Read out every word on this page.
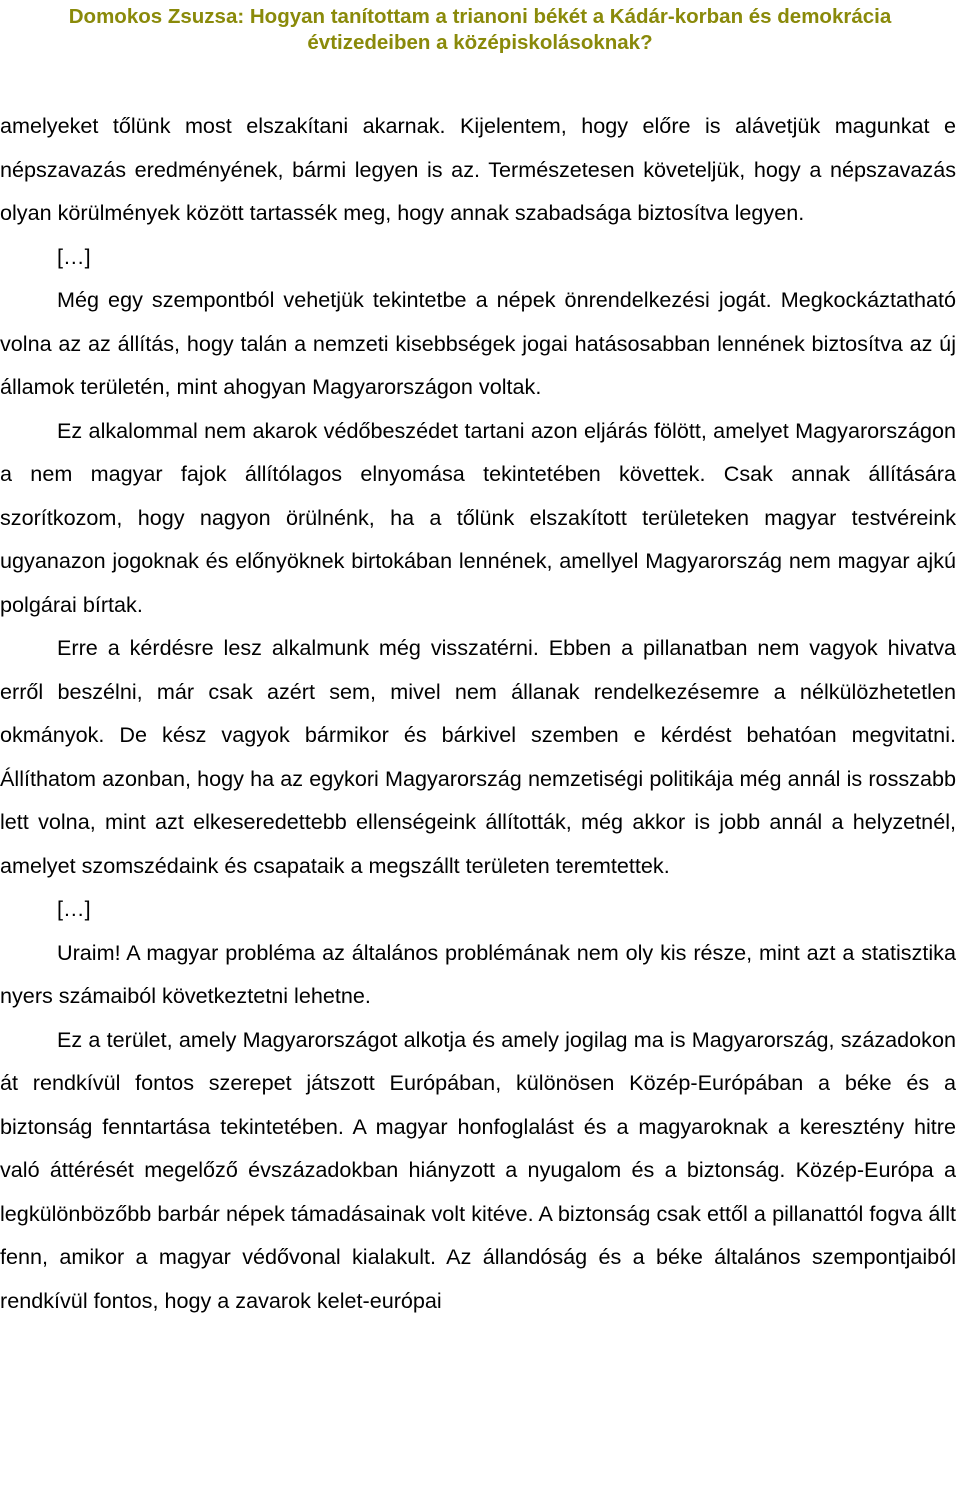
Domokos Zsuzsa: Hogyan tanítottam a trianoni békét a Kádár-korban és demokrácia
évtizedeiben a középiskolásoknak?

amelyeket tőlünk most elszakítani akarnak. Kijelentem, hogy előre is alávetjük magunkat e népszavazás eredményének, bármi legyen is az. Természetesen követeljük, hogy a népszavazás olyan körülmények között tartassék meg, hogy annak szabadsága biztosítva legyen.

[…]

Még egy szempontból vehetjük tekintetbe a népek önrendelkezési jogát. Megkockáztatható volna az az állítás, hogy talán a nemzeti kisebbségek jogai hatásosabban lennének biztosítva az új államok területén, mint ahogyan Magyarországon voltak.

Ez alkalommal nem akarok védőbeszédet tartani azon eljárás fölött, amelyet Magyarországon a nem magyar fajok állítólagos elnyomása tekintetében követtek. Csak annak állítására szorítkozom, hogy nagyon örülnénk, ha a tőlünk elszakított területeken magyar testvéreink ugyanazon jogoknak és előnyöknek birtokában lennének, amellyel Magyarország nem magyar ajkú polgárai bírtak.

Erre a kérdésre lesz alkalmunk még visszatérni. Ebben a pillanatban nem vagyok hivatva erről beszélni, már csak azért sem, mivel nem állanak rendelkezésemre a nélkülözhetetlen okmányok. De kész vagyok bármikor és bárkivel szemben e kérdést behatóan megvitatni. Állíthatom azonban, hogy ha az egykori Magyarország nemzetiségi politikája még annál is rosszabb lett volna, mint azt elkeseredettebb ellenségeink állították, még akkor is jobb annál a helyzetnél, amelyet szomszédaink és csapataik a megszállt területen teremtettek.

[…]

Uraim! A magyar probléma az általános problémának nem oly kis része, mint azt a statisztika nyers számaiból következtetni lehetne.

Ez a terület, amely Magyarországot alkotja és amely jogilag ma is Magyarország, századokon át rendkívül fontos szerepet játszott Európában, különösen Közép-Európában a béke és a biztonság fenntartása tekintetében. A magyar honfoglalást és a magyaroknak a keresztény hitre való áttérését megelőző évszázadokban hiányzott a nyugalom és a biztonság. Közép-Európa a legkülönbözőbb barbár népek támadásainak volt kitéve. A biztonság csak ettől a pillanattól fogva állt fenn, amikor a magyar védővonal kialakult. Az állandóság és a béke általános szempontjaiból rendkívül fontos, hogy a zavarok kelet-európai
